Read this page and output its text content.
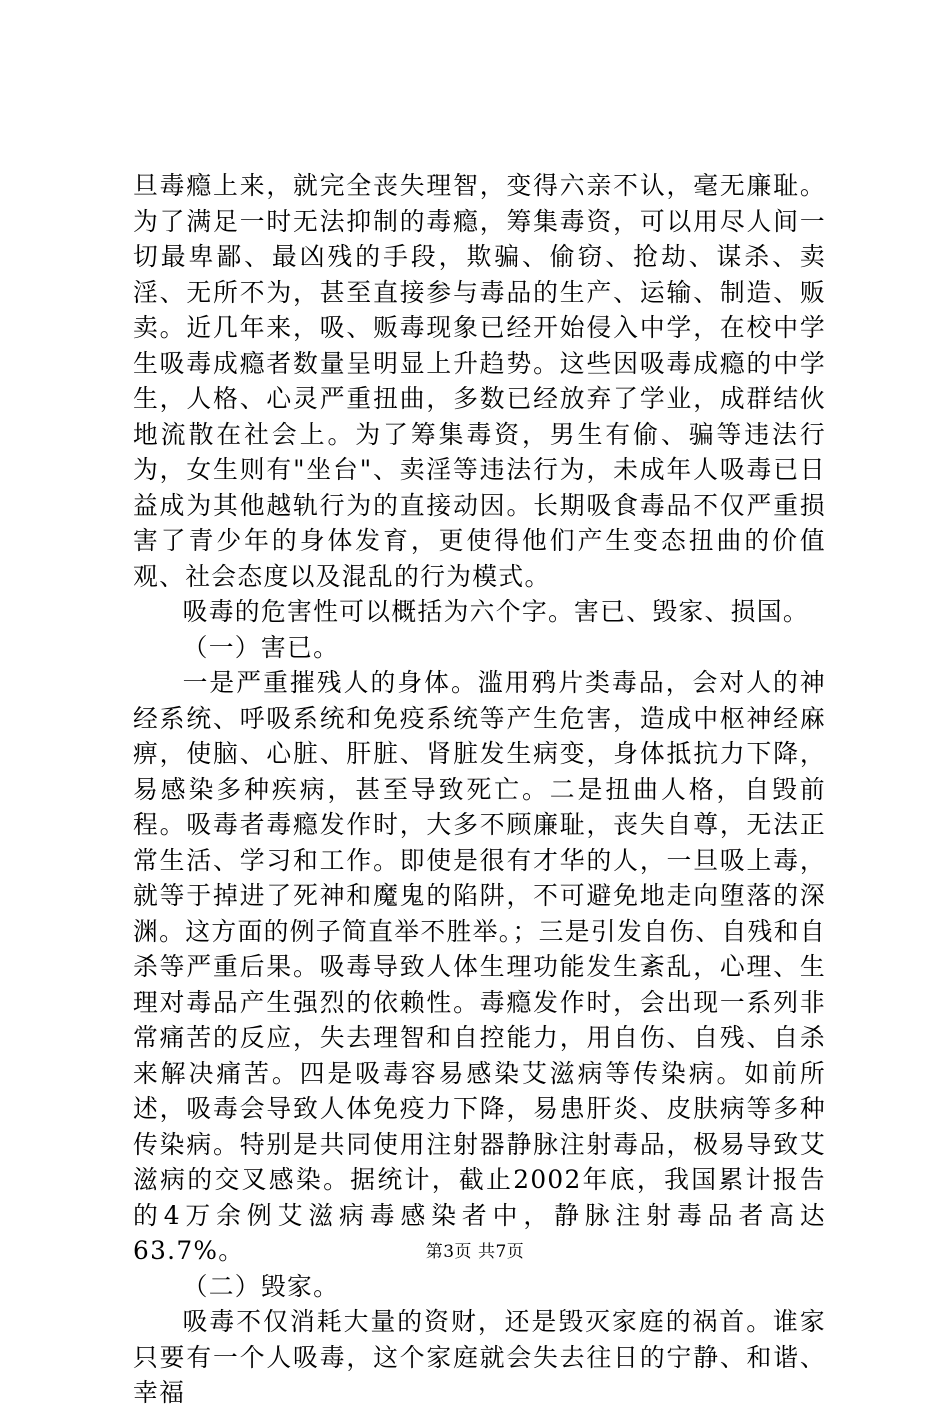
旦毒瘾上来，就完全丧失理智，变得六亲不认，毫无廉耻。为了满足一时无法抑制的毒瘾，筹集毒资，可以用尽人间一切最卑鄙、最凶残的手段，欺骗、偷窃、抢劫、谋杀、卖淫、无所不为，甚至直接参与毒品的生产、运输、制造、贩卖。近几年来，吸、贩毒现象已经开始侵入中学，在校中学生吸毒成瘾者数量呈明显上升趋势。这些因吸毒成瘾的中学生，人格、心灵严重扭曲，多数已经放弃了学业，成群结伙地流散在社会上。为了筹集毒资，男生有偷、骗等违法行为，女生则有"坐台"、卖淫等违法行为，未成年人吸毒已日益成为其他越轨行为的直接动因。长期吸食毒品不仅严重损害了青少年的身体发育，更使得他们产生变态扭曲的价值观、社会态度以及混乱的行为模式。

吸毒的危害性可以概括为六个字。害已、毁家、损国。

（一）害已。

一是严重摧残人的身体。滥用鸦片类毒品，会对人的神经系统、呼吸系统和免疫系统等产生危害，造成中枢神经麻痹，使脑、心脏、肝脏、肾脏发生病变，身体抵抗力下降，易感染多种疾病，甚至导致死亡。二是扭曲人格，自毁前程。吸毒者毒瘾发作时，大多不顾廉耻，丧失自尊，无法正常生活、学习和工作。即使是很有才华的人，一旦吸上毒，就等于掉进了死神和魔鬼的陷阱，不可避免地走向堕落的深渊。这方面的例子简直举不胜举。；三是引发自伤、自残和自杀等严重后果。吸毒导致人体生理功能发生紊乱，心理、生理对毒品产生强烈的依赖性。毒瘾发作时，会出现一系列非常痛苦的反应，失去理智和自控能力，用自伤、自残、自杀来解决痛苦。四是吸毒容易感染艾滋病等传染病。如前所述，吸毒会导致人体免疫力下降，易患肝炎、皮肤病等多种传染病。特别是共同使用注射器静脉注射毒品，极易导致艾滋病的交叉感染。据统计，截止2002年底，我国累计报告的4万余例艾滋病毒感染者中，静脉注射毒品者高达63.7%。

（二）毁家。

吸毒不仅消耗大量的资财，还是毁灭家庭的祸首。谁家只要有一个人吸毒，这个家庭就会失去往日的宁静、和谐、幸福

第3页 共7页
